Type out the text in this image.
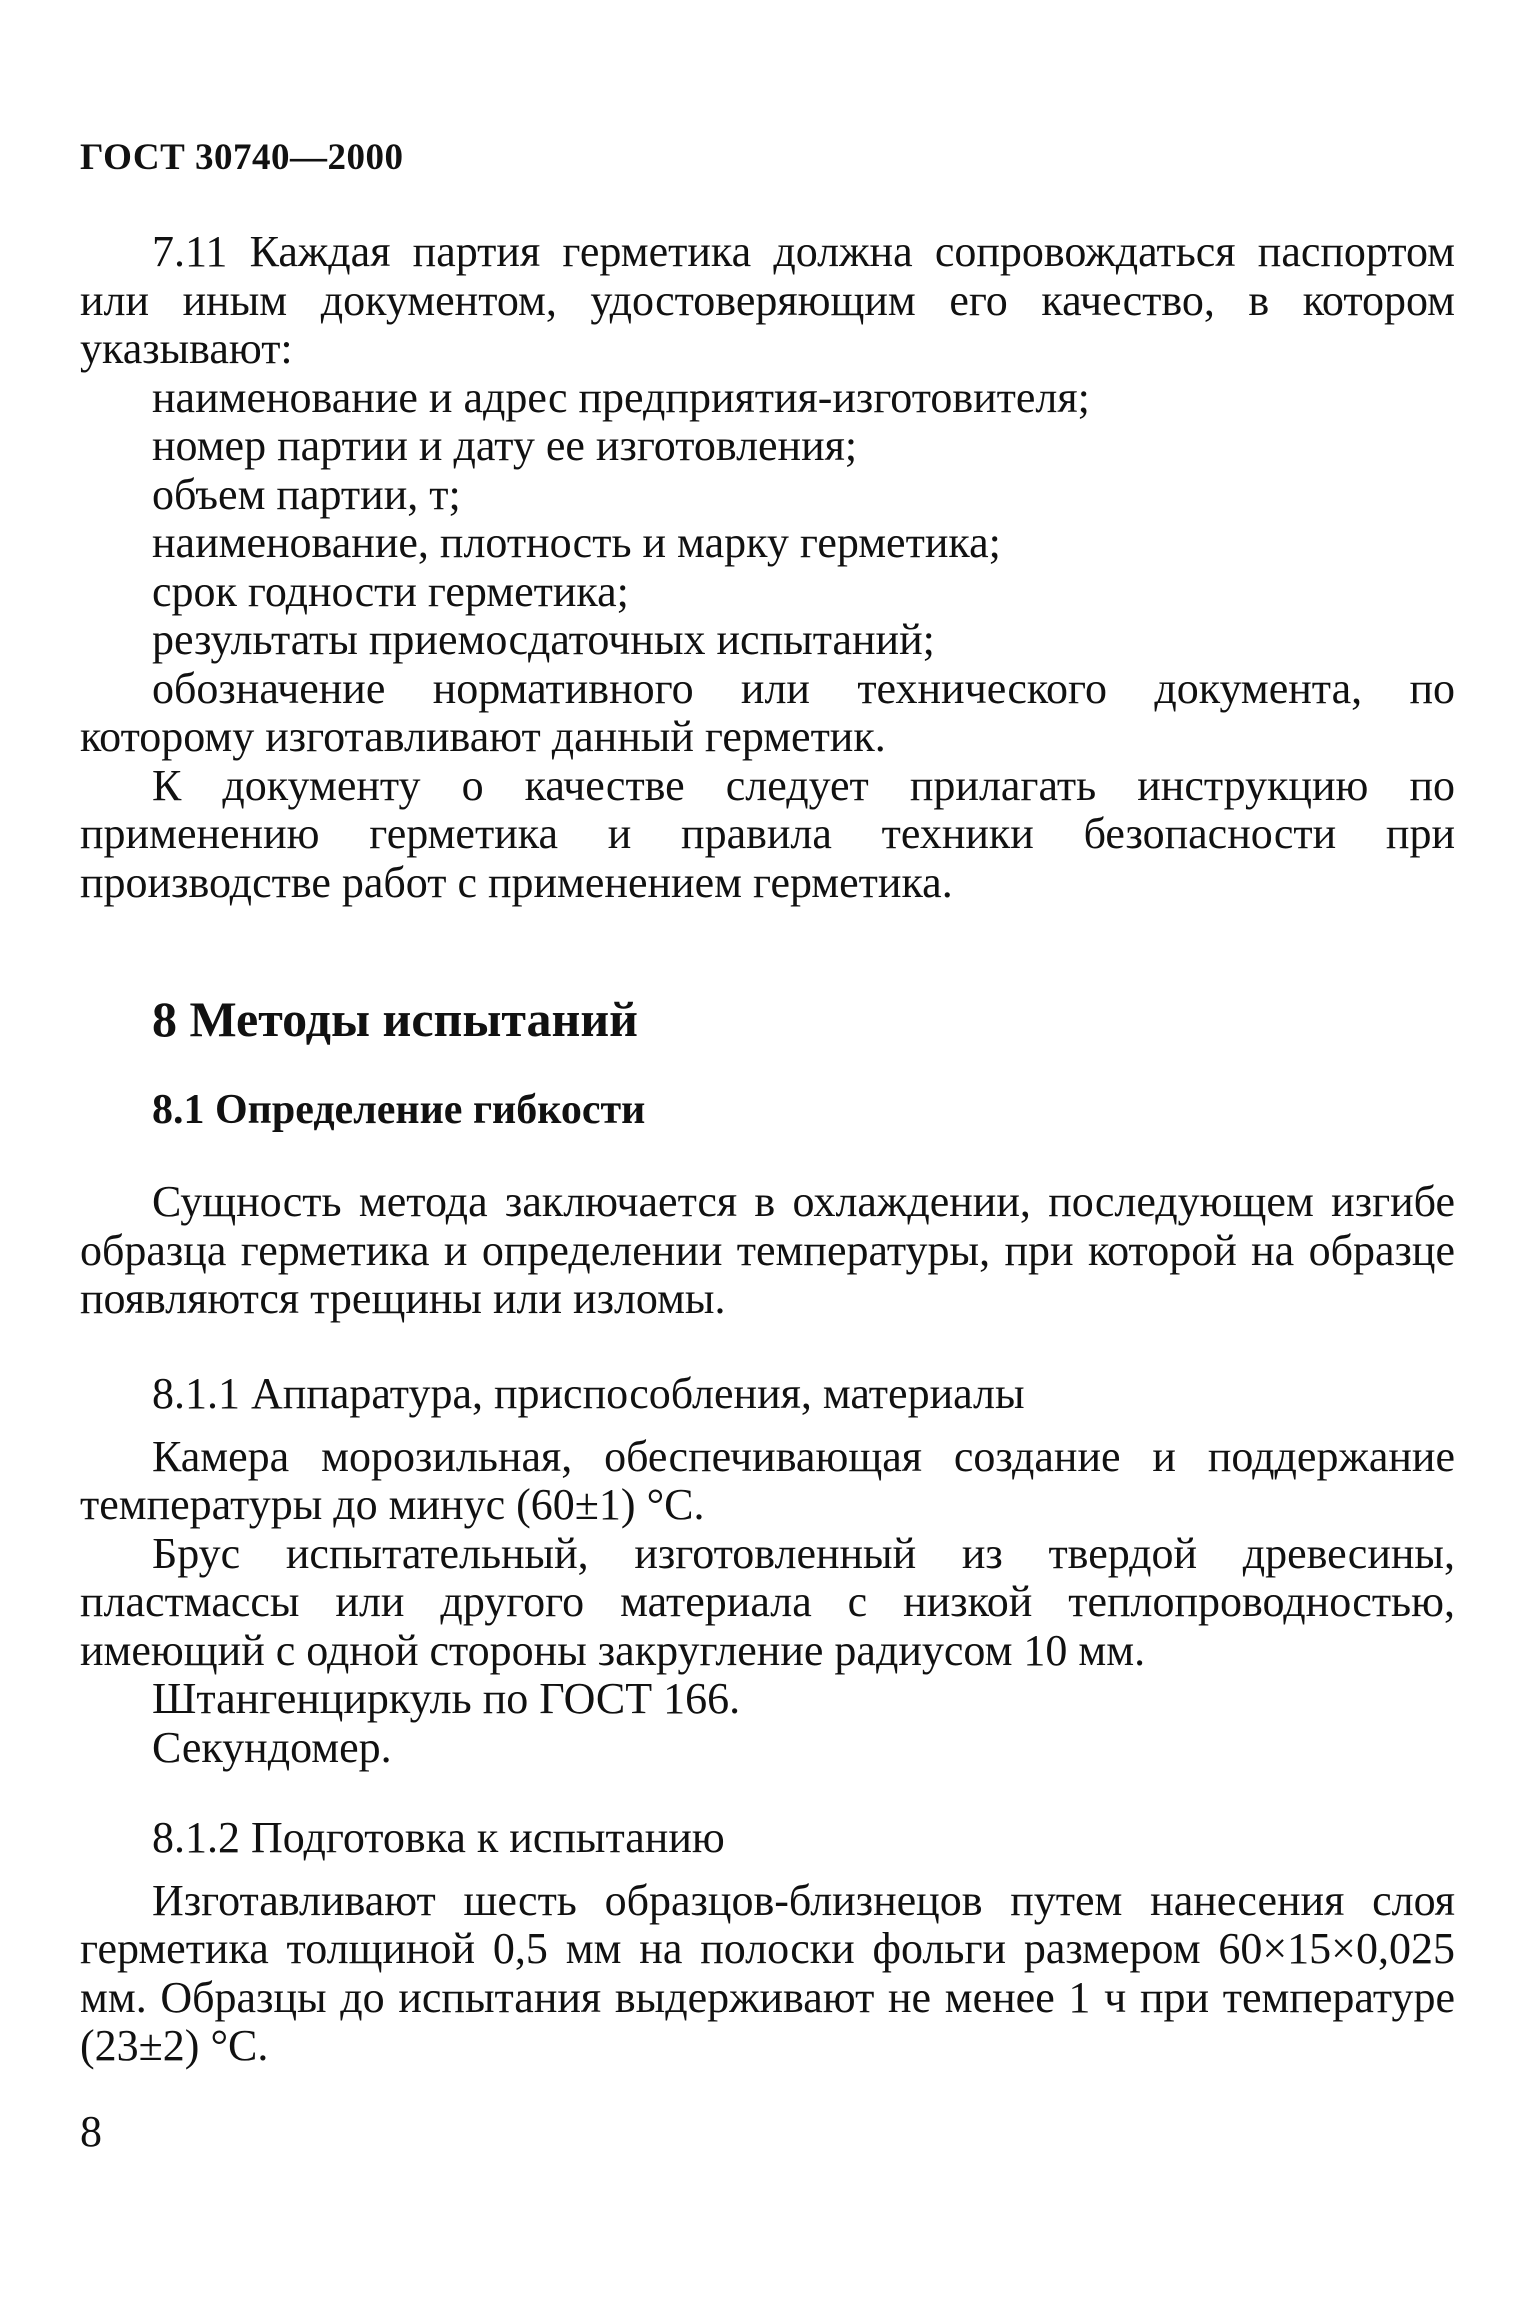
ГОСТ 30740—2000

7.11 Каждая партия герметика должна сопровождаться паспортом или иным документом, удостоверяющим его качество, в котором указывают:

наименование и адрес предприятия-изготовителя;
номер партии и дату ее изготовления;
объем партии, т;
наименование, плотность и марку герметика;
срок годности герметика;
результаты приемосдаточных испытаний;
обозначение нормативного или технического документа, по которому изготавливают данный герметик.

К документу о качестве следует прилагать инструкцию по применению герметика и правила техники безопасности при производстве работ с применением герметика.

8 Методы испытаний
8.1 Определение гибкости

Сущность метода заключается в охлаждении, последующем изгибе образца герметика и определении температуры, при которой на образце появляются трещины или изломы.

8.1.1 Аппаратура, приспособления, материалы

Камера морозильная, обеспечивающая создание и поддержание температуры до минус (60±1) °С.

Брус испытательный, изготовленный из твердой древесины, пластмассы или другого материала с низкой теплопроводностью, имеющий с одной стороны закругление радиусом 10 мм.

Штангенциркуль по ГОСТ 166.

Секундомер.

8.1.2 Подготовка к испытанию

Изготавливают шесть образцов-близнецов путем нанесения слоя герметика толщиной 0,5 мм на полоски фольги размером 60×15×0,025 мм. Образцы до испытания выдерживают не менее 1 ч при температуре (23±2) °С.

8
